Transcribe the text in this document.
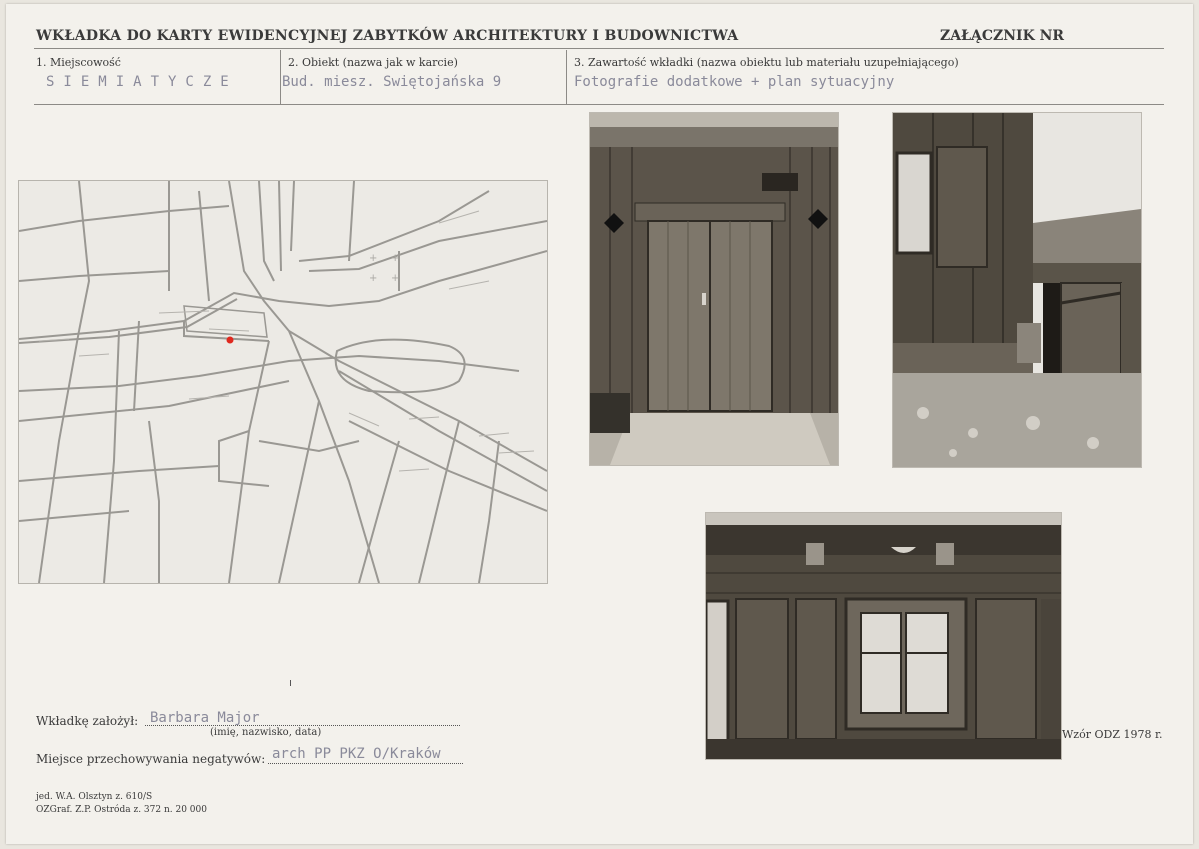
WKŁADKA DO KARTY EWIDENCYJNEJ ZABYTKÓW ARCHITEKTURY I BUDOWNICTWA	ZAŁĄCZNIK NR
1. Miejscowość
SIEMIATYCZE
2. Obiekt (nazwa jak w karcie)
Bud. miesz. Swiętojańska 9
3. Zawartość wkładki (nazwa obiektu lub materiału uzupełniającego)
Fotografie dodatkowe + plan sytuacyjny
+ +
+ +
Wkładkę założył: Barbara Major
(imię, nazwisko, data)
Miejsce przechowywania negatywów: arch PP PKZ O/Kraków
Wzór ODZ 1978 r.
jed. W.A. Olsztyn z. 610/S
OZGraf. Z.P. Ostróda z. 372 n. 20 000
